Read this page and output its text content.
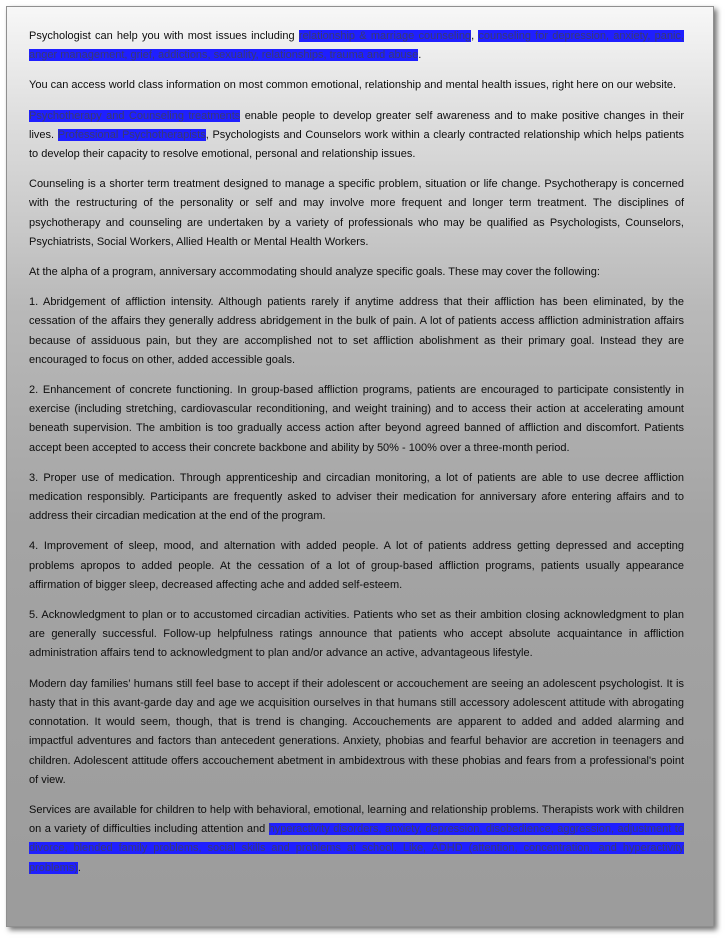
Psychologist can help you with most issues including relationship & marriage counseling, counseling for depression, anxiety, panic, anger management, grief, addictions, sexuality, relationships, trauma and abuse.

You can access world class information on most common emotional, relationship and mental health issues, right here on our website.

Psychotherapy and Counseling treatments enable people to develop greater self awareness and to make positive changes in their lives. Professional Psychotherapists, Psychologists and Counselors work within a clearly contracted relationship which helps patients to develop their capacity to resolve emotional, personal and relationship issues.

Counseling is a shorter term treatment designed to manage a specific problem, situation or life change. Psychotherapy is concerned with the restructuring of the personality or self and may involve more frequent and longer term treatment. The disciplines of psychotherapy and counseling are undertaken by a variety of professionals who may be qualified as Psychologists, Counselors, Psychiatrists, Social Workers, Allied Health or Mental Health Workers.

At the alpha of a program, anniversary accommodating should analyze specific goals. These may cover the following:

1. Abridgement of affliction intensity. Although patients rarely if anytime address that their affliction has been eliminated, by the cessation of the affairs they generally address abridgement in the bulk of pain. A lot of patients access affliction administration affairs because of assiduous pain, but they are accomplished not to set affliction abolishment as their primary goal. Instead they are encouraged to focus on other, added accessible goals.

2. Enhancement of concrete functioning. In group-based affliction programs, patients are encouraged to participate consistently in exercise (including stretching, cardiovascular reconditioning, and weight training) and to access their action at accelerating amount beneath supervision. The ambition is too gradually access action after beyond agreed banned of affliction and discomfort. Patients accept been accepted to access their concrete backbone and ability by 50% - 100% over a three-month period.

3. Proper use of medication. Through apprenticeship and circadian monitoring, a lot of patients are able to use decree affliction medication responsibly. Participants are frequently asked to adviser their medication for anniversary afore entering affairs and to address their circadian medication at the end of the program.

4. Improvement of sleep, mood, and alternation with added people. A lot of patients address getting depressed and accepting problems apropos to added people. At the cessation of a lot of group-based affliction programs, patients usually appearance affirmation of bigger sleep, decreased affecting ache and added self-esteem.

5. Acknowledgment to plan or to accustomed circadian activities. Patients who set as their ambition closing acknowledgment to plan are generally successful. Follow-up helpfulness ratings announce that patients who accept absolute acquaintance in affliction administration affairs tend to acknowledgment to plan and/or advance an active, advantageous lifestyle.

Modern day families’ humans still feel base to accept if their adolescent or accouchement are seeing an adolescent psychologist. It is hasty that in this avant-garde day and age we acquisition ourselves in that humans still accessory adolescent attitude with abrogating connotation. It would seem, though, that is trend is changing. Accouchements are apparent to added and added alarming and impactful adventures and factors than antecedent generations. Anxiety, phobias and fearful behavior are accretion in teenagers and children. Adolescent attitude offers accouchement abetment in ambidextrous with these phobias and fears from a professional's point of view.

Services are available for children to help with behavioral, emotional, learning and relationship problems. Therapists work with children on a variety of difficulties including attention and hyperactivity disorders, anxiety, depression, disobedience, aggression, adjustment to divorce, blended family problems, social skills and problems at school. Like, ADHD (attention, concentration, and hyperactivity problems).
